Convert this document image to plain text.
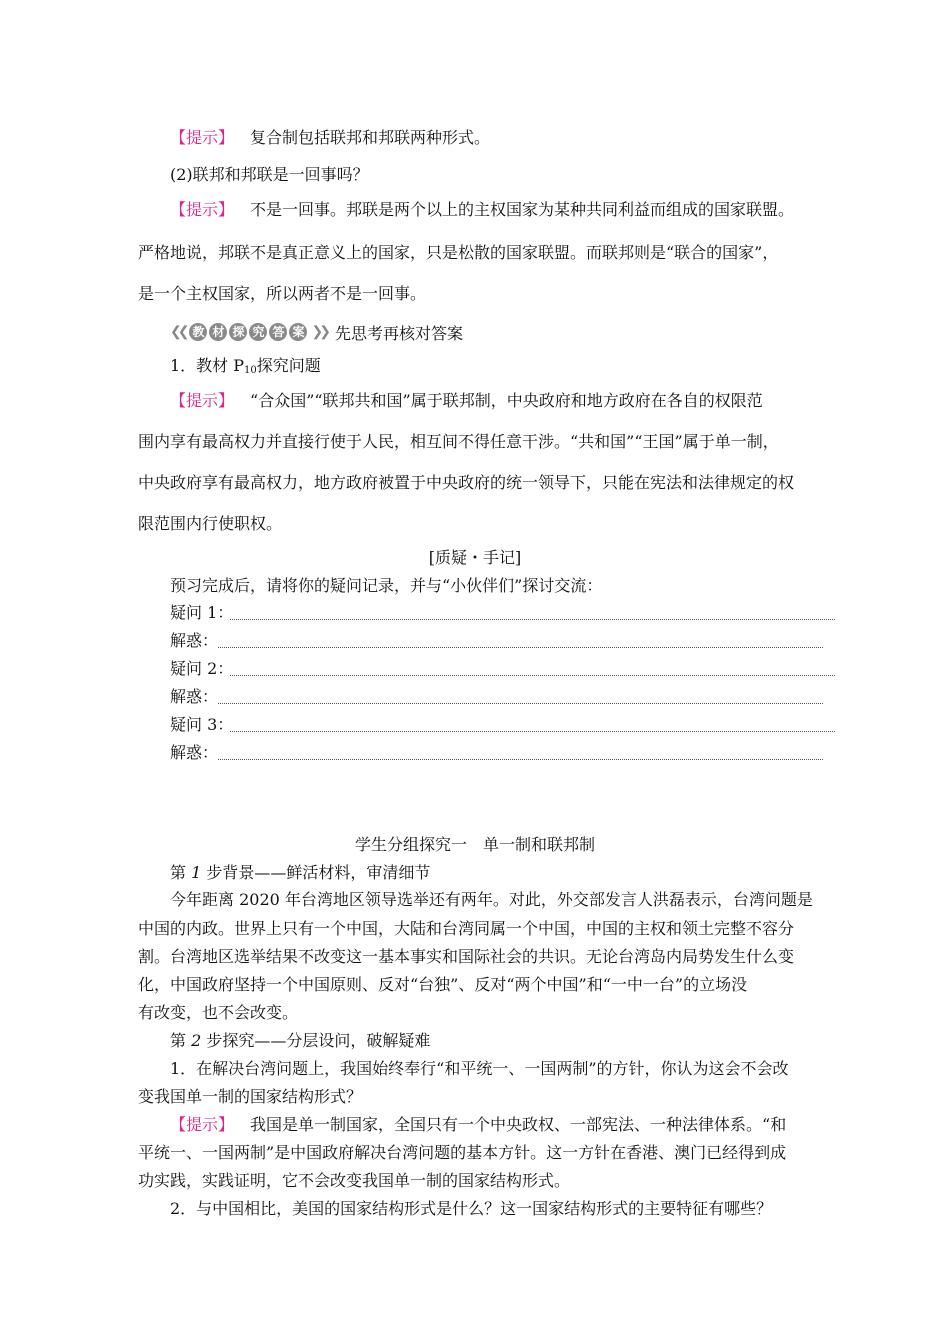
【提示】 复合制包括联邦和邦联两种形式。
(2)联邦和邦联是一回事吗？
【提示】 不是一回事。邦联是两个以上的主权国家为某种共同利益而组成的国家联盟。
严格地说，邦联不是真正意义上的国家，只是松散的国家联盟。而联邦则是“联合的国家”，
是一个主权国家，所以两者不是一回事。
❮❮ 教 材 探 究 答 案 ❯❯ 先思考再核对答案
1．教材 $P_{10}$探究问题
【提示】 “合众国”“联邦共和国”属于联邦制，中央政府和地方政府在各自的权限范
围内享有最高权力并直接行使于人民，相互间不得任意干涉。“共和国”“王国”属于单一制，
中央政府享有最高权力，地方政府被置于中央政府的统一领导下，只能在宪法和法律规定的权
限范围内行使职权。
[质疑・手记]
预习完成后，请将你的疑问记录，并与“小伙伴们”探讨交流：
疑问 1：
解惑：
疑问 2：
解惑：
疑问 3：
解惑：
学生分组探究一　单一制和联邦制
第 1 步背景——鲜活材料，审清细节
今年距离 2020 年台湾地区领导选举还有两年。对此，外交部发言人洪磊表示，台湾问题是
中国的内政。世界上只有一个中国，大陆和台湾同属一个中国，中国的主权和领土完整不容分
割。台湾地区选举结果不改变这一基本事实和国际社会的共识。无论台湾岛内局势发生什么变
化，中国政府坚持一个中国原则、反对“台独”、反对“两个中国”和“一中一台”的立场没
有改变，也不会改变。
第 2 步探究——分层设问，破解疑难
1．在解决台湾问题上，我国始终奉行“和平统一、一国两制”的方针，你认为这会不会改
变我国单一制的国家结构形式？
【提示】 我国是单一制国家，全国只有一个中央政权、一部宪法、一种法律体系。“和
平统一、一国两制”是中国政府解决台湾问题的基本方针。这一方针在香港、澳门已经得到成
功实践，实践证明，它不会改变我国单一制的国家结构形式。
2．与中国相比，美国的国家结构形式是什么？这一国家结构形式的主要特征有哪些？
